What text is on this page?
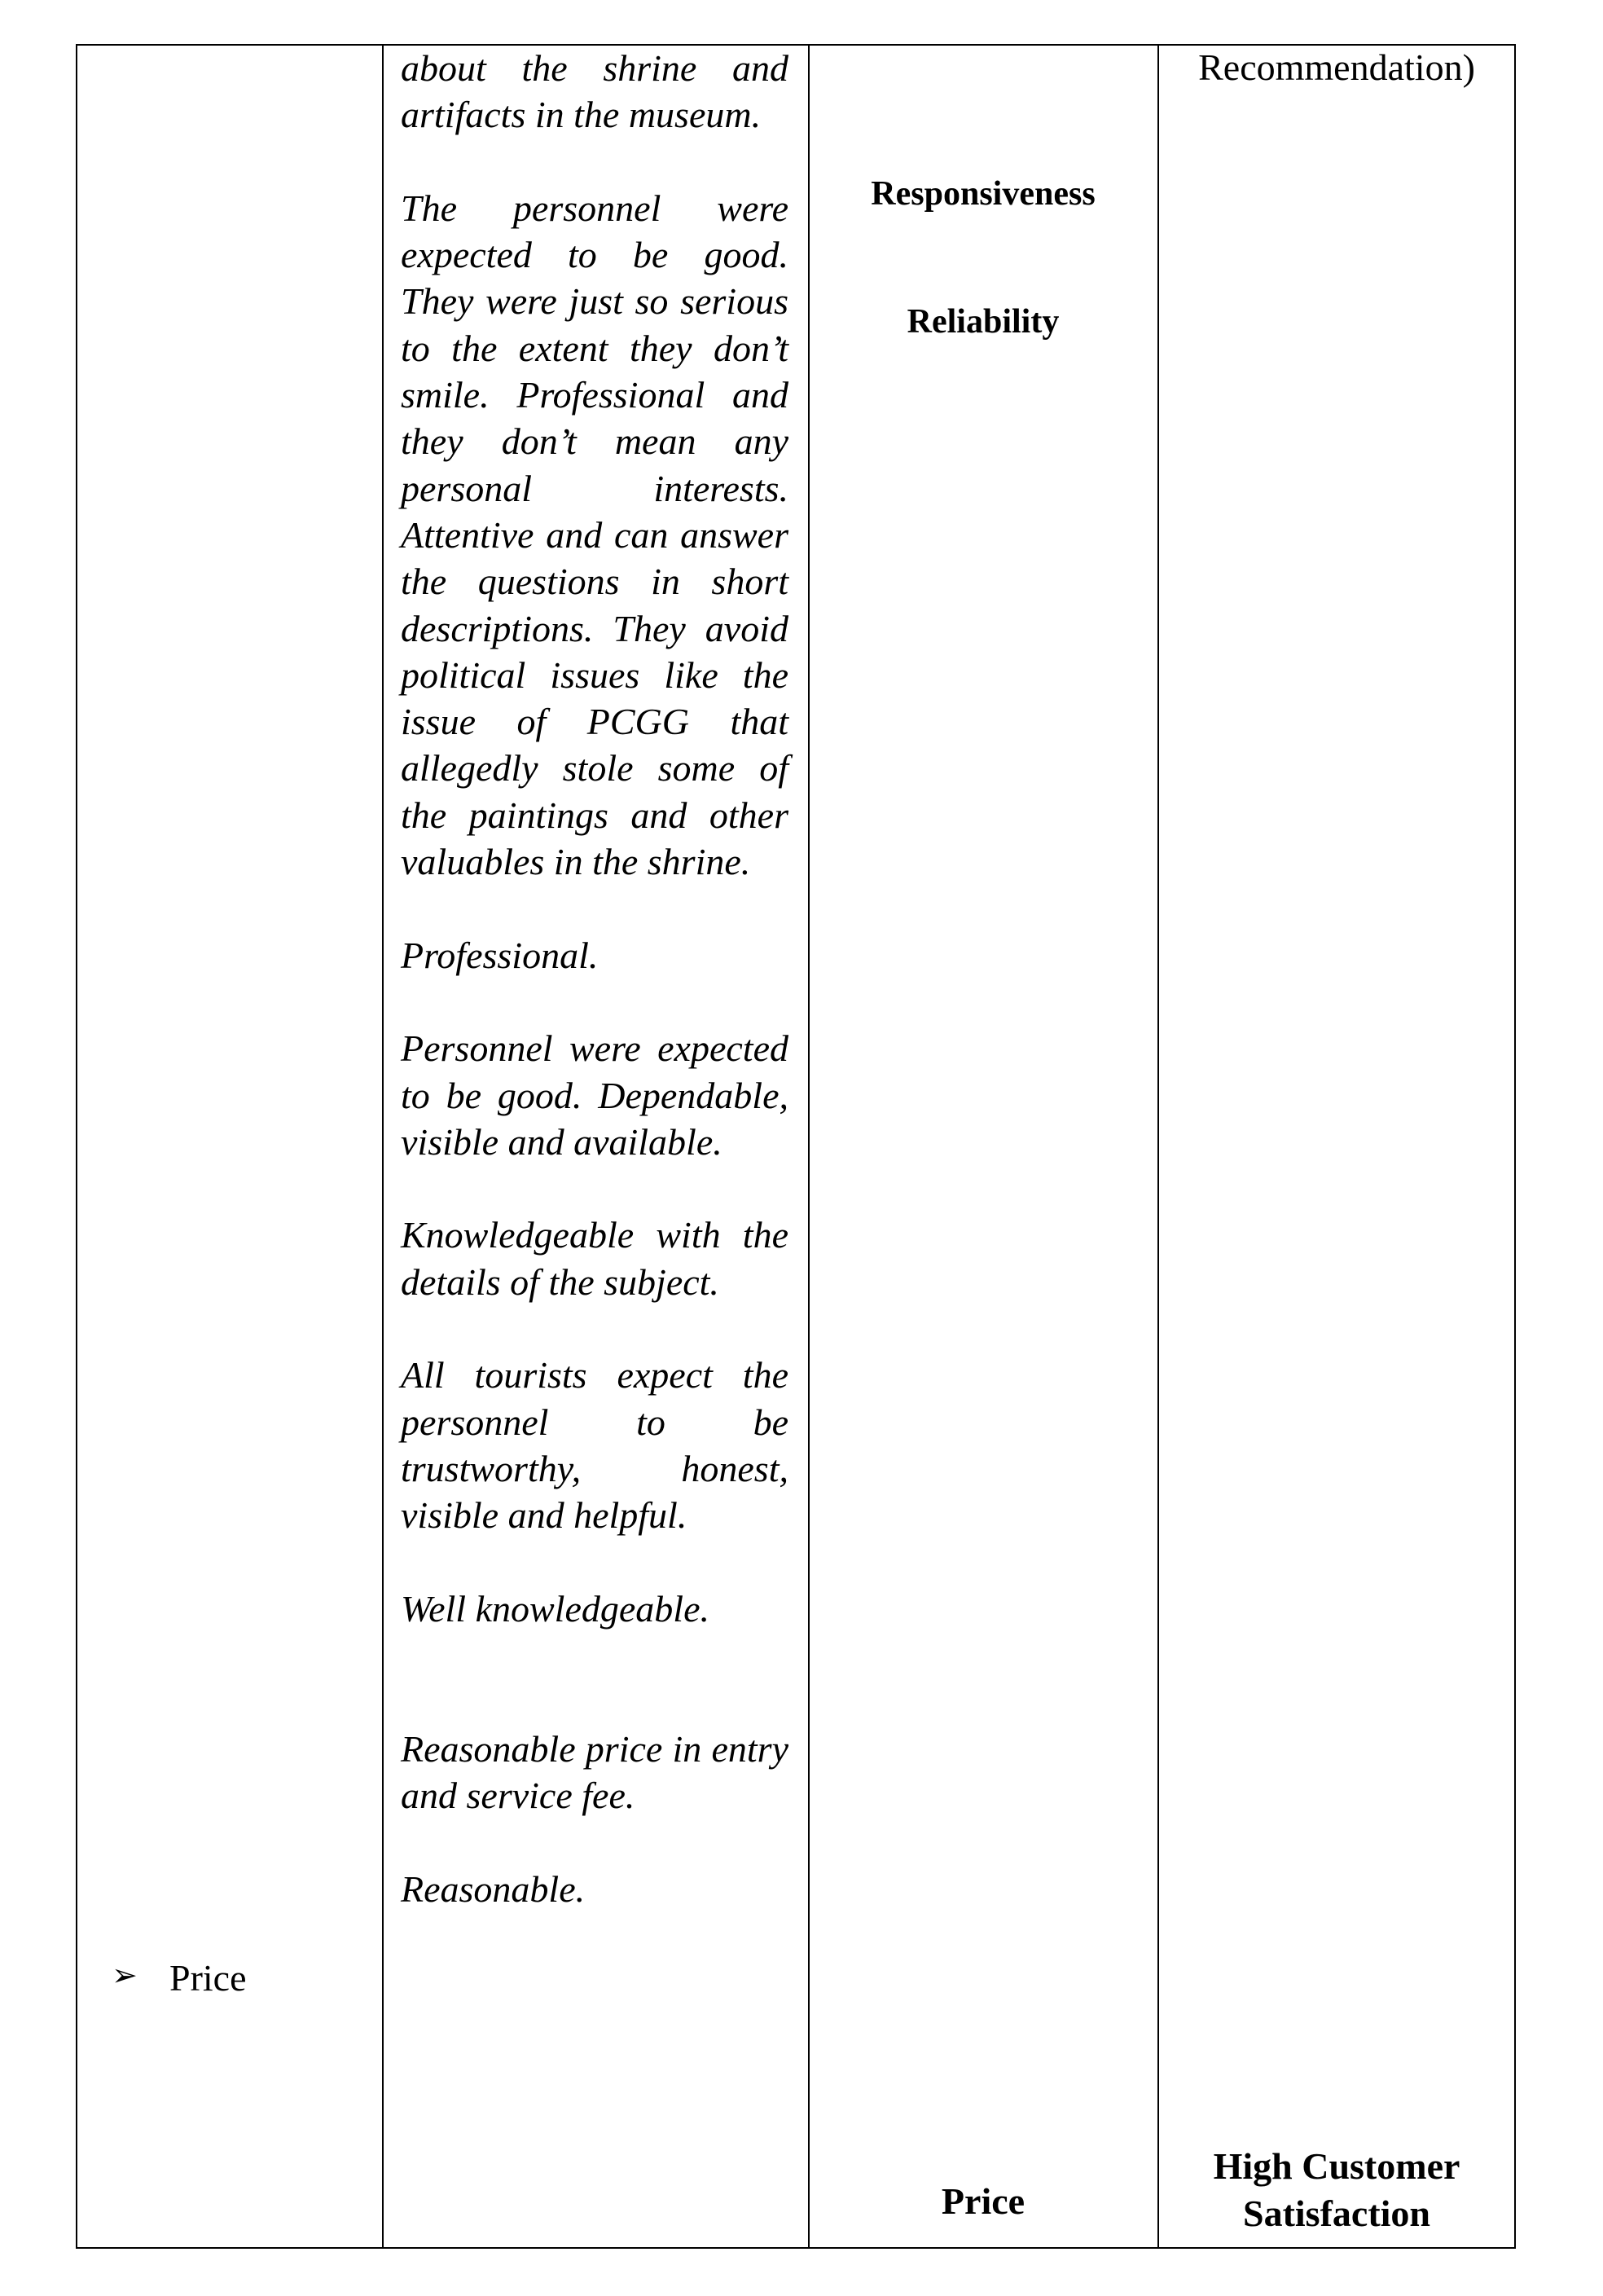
➢ Price

about the shrine and artifacts in the museum.

The personnel were expected to be good. They were just so serious to the extent they don’t smile. Professional and they don’t mean any personal interests. Attentive and can answer the questions in short descriptions. They avoid political issues like the issue of PCGG that allegedly stole some of the paintings and other valuables in the shrine.

Professional.

Personnel were expected to be good. Dependable, visible and available.

Knowledgeable with the details of the subject.

All tourists expect the personnel to be trustworthy, honest, visible and helpful.

Well knowledgeable.

Reasonable price in entry and service fee.

Reasonable.

Responsiveness
Reliability
Price
Recommendation)
High Customer
Satisfaction
